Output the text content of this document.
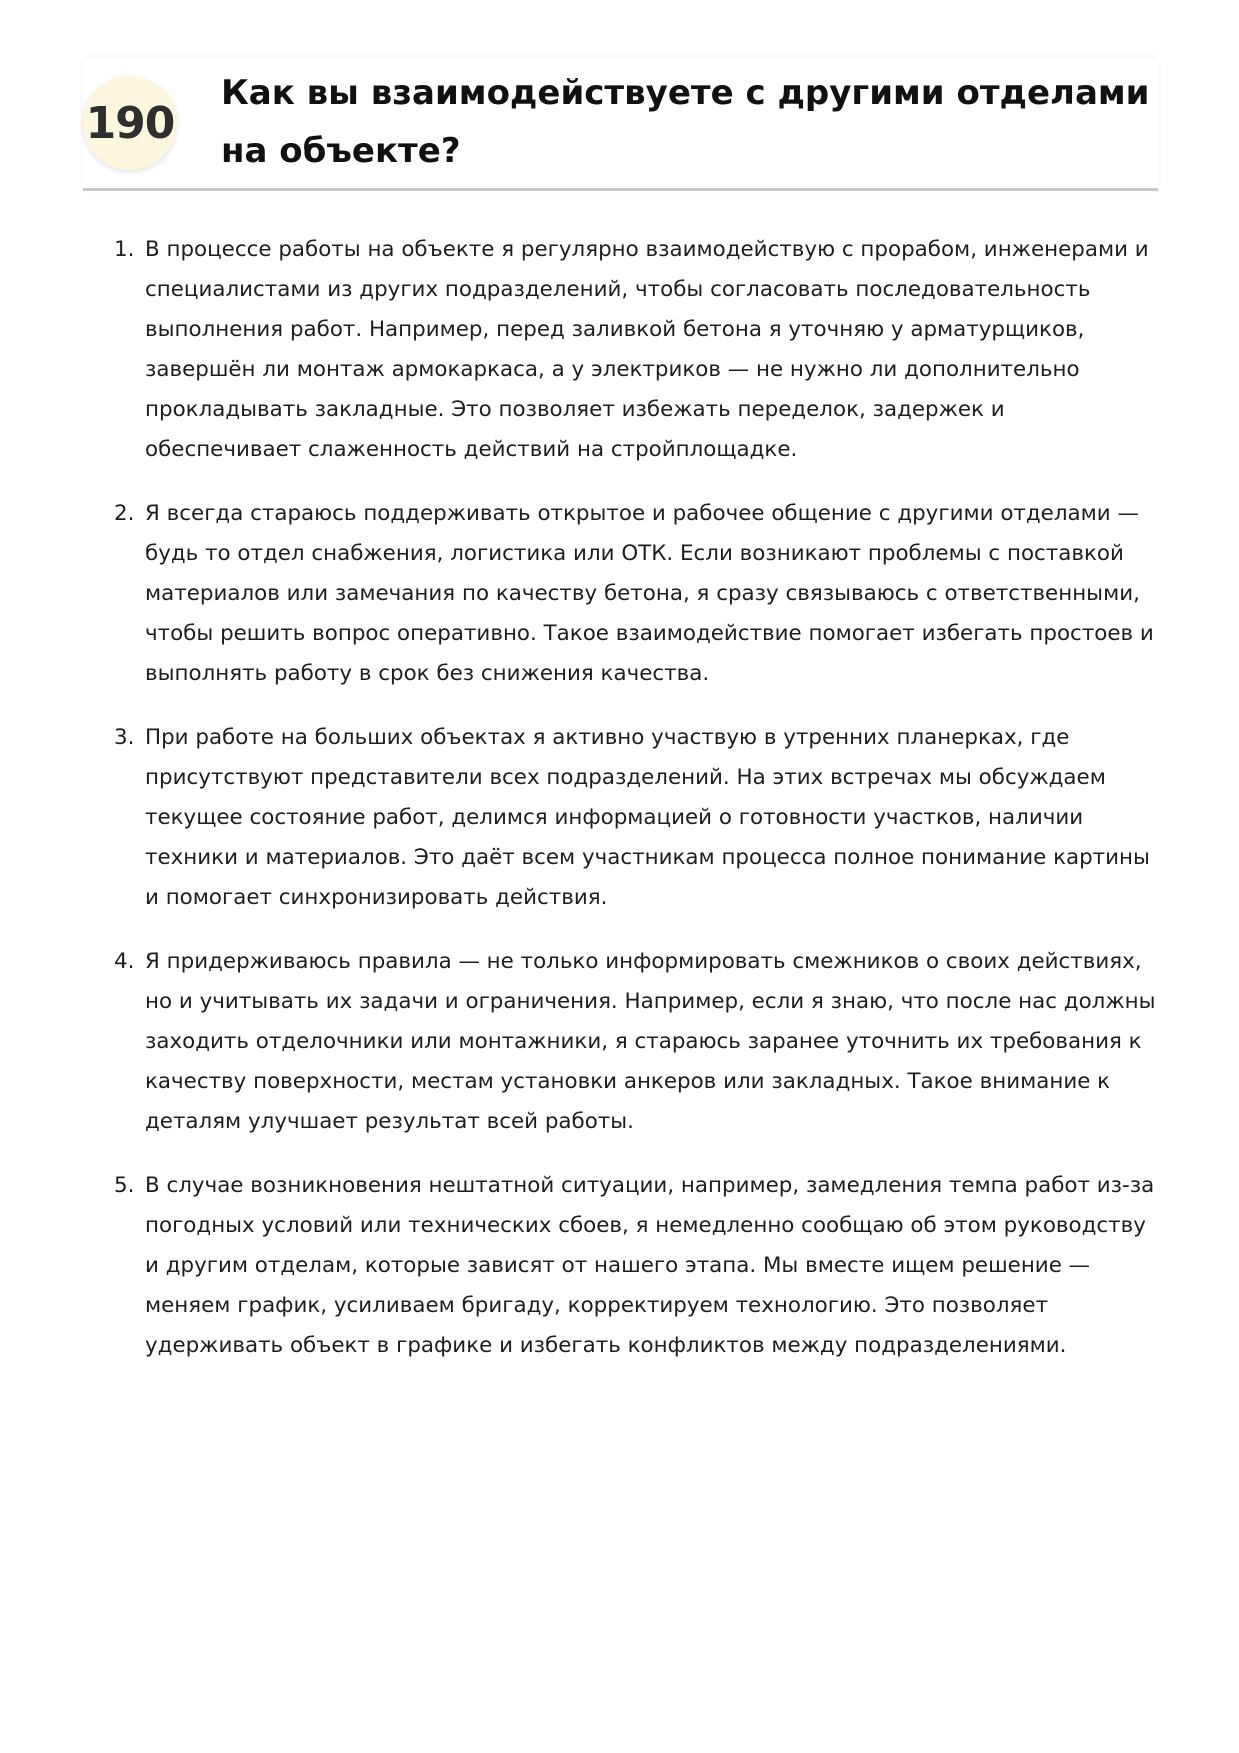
190
Как вы взаимодействуете с другими отделами на объекте?
1. В процессе работы на объекте я регулярно взаимодействую с прорабом, инженерами и специалистами из других подразделений, чтобы согласовать последовательность выполнения работ. Например, перед заливкой бетона я уточняю у арматурщиков, завершён ли монтаж армокаркаса, а у электриков — не нужно ли дополнительно прокладывать закладные. Это позволяет избежать переделок, задержек и обеспечивает слаженность действий на стройплощадке.
2. Я всегда стараюсь поддерживать открытое и рабочее общение с другими отделами — будь то отдел снабжения, логистика или ОТК. Если возникают проблемы с поставкой материалов или замечания по качеству бетона, я сразу связываюсь с ответственными, чтобы решить вопрос оперативно. Такое взаимодействие помогает избегать простоев и выполнять работу в срок без снижения качества.
3. При работе на больших объектах я активно участвую в утренних планерках, где присутствуют представители всех подразделений. На этих встречах мы обсуждаем текущее состояние работ, делимся информацией о готовности участков, наличии техники и материалов. Это даёт всем участникам процесса полное понимание картины и помогает синхронизировать действия.
4. Я придерживаюсь правила — не только информировать смежников о своих действиях, но и учитывать их задачи и ограничения. Например, если я знаю, что после нас должны заходить отделочники или монтажники, я стараюсь заранее уточнить их требования к качеству поверхности, местам установки анкеров или закладных. Такое внимание к деталям улучшает результат всей работы.
5. В случае возникновения нештатной ситуации, например, замедления темпа работ из-за погодных условий или технических сбоев, я немедленно сообщаю об этом руководству и другим отделам, которые зависят от нашего этапа. Мы вместе ищем решение — меняем график, усиливаем бригаду, корректируем технологию. Это позволяет удерживать объект в графике и избегать конфликтов между подразделениями.
